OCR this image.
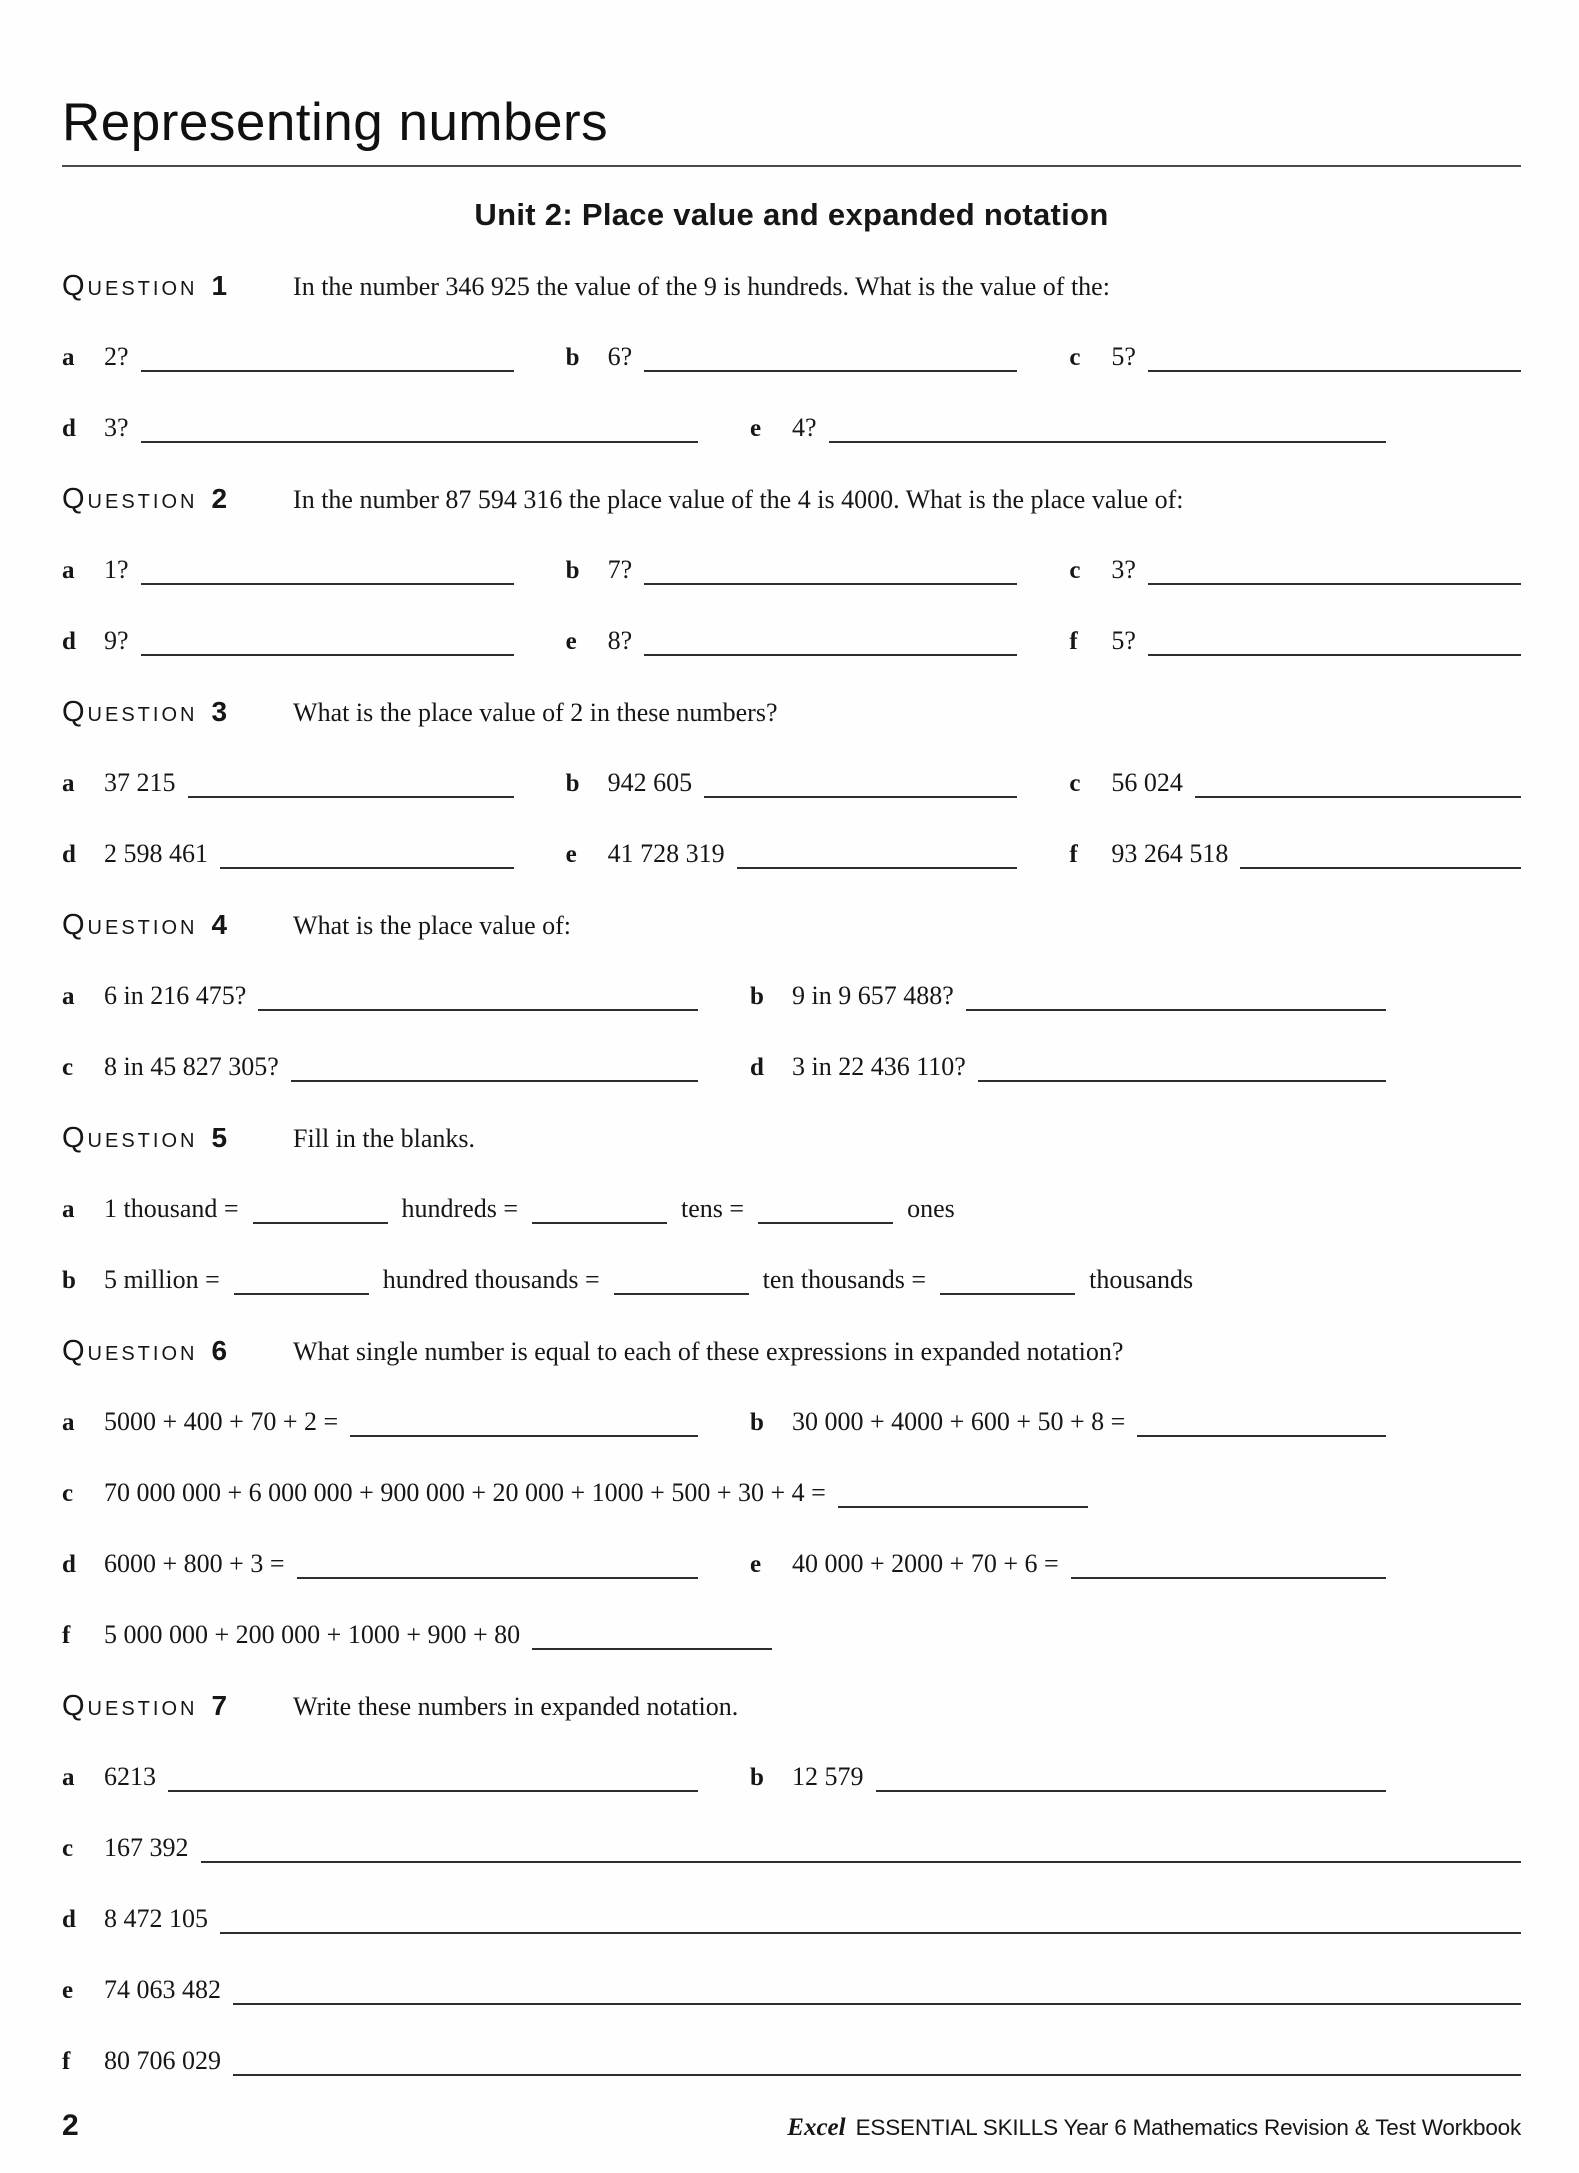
Representing numbers
Unit 2: Place value and expanded notation
Question 1	In the number 346 925 the value of the 9 is hundreds. What is the value of the:
a	2?	b	6?	c	5?
d	3?	e	4?
Question 2	In the number 87 594 316 the place value of the 4 is 4000. What is the place value of:
a	1?	b	7?	c	3?
d	9?	e	8?	f	5?
Question 3	What is the place value of 2 in these numbers?
a	37 215	b	942 605	c	56 024
d	2 598 461	e	41 728 319	f	93 264 518
Question 4	What is the place value of:
a	6 in 216 475?	b	9 in 9 657 488?
c	8 in 45 827 305?	d	3 in 22 436 110?
Question 5	Fill in the blanks.
a	1 thousand =	hundreds =	tens =	ones
b	5 million =	hundred thousands =	ten thousands =	thousands
Question 6	What single number is equal to each of these expressions in expanded notation?
a	5000 + 400 + 70 + 2 =	b	30 000 + 4000 + 600 + 50 + 8 =
c	70 000 000 + 6 000 000 + 900 000 + 20 000 + 1000 + 500 + 30 + 4 =
d	6000 + 800 + 3 =	e	40 000 + 2000 + 70 + 6 =
f	5 000 000 + 200 000 + 1000 + 900 + 80
Question 7	Write these numbers in expanded notation.
a	6213	b	12 579
c	167 392
d	8 472 105
e	74 063 482
f	80 706 029
2	Excel ESSENTIAL SKILLS Year 6 Mathematics Revision & Test Workbook
